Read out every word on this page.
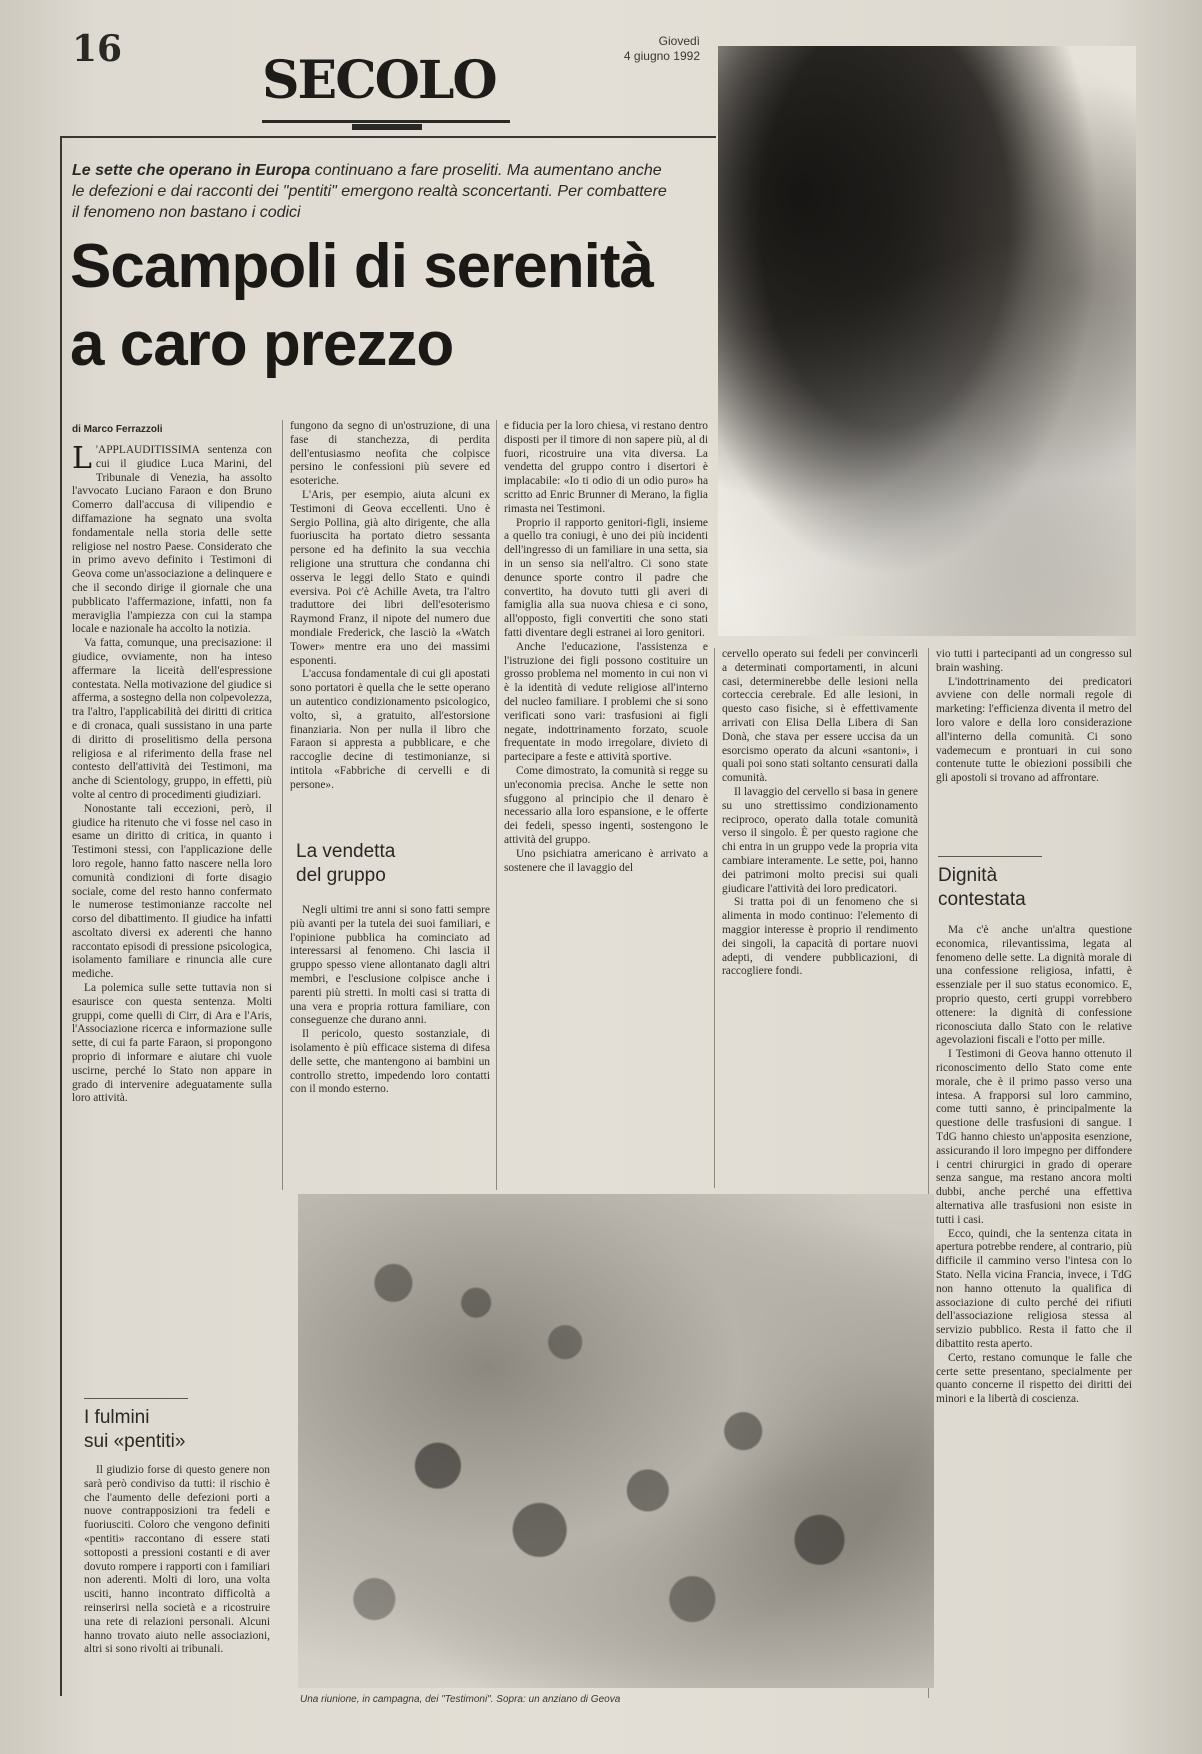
16
SECOLO
Giovedì
4 giugno 1992
Le sette che operano in Europa continuano a fare proseliti. Ma aumentano anche le defezioni e dai racconti dei "pentiti" emergono realtà sconcertanti. Per combattere il fenomeno non bastano i codici
Scampoli di serenità
a caro prezzo
di Marco Ferrazzoli

L 'APPLAUDITISSIMA sentenza con cui il giudice Luca Marini, del Tribunale di Venezia, ha assolto l'avvocato Luciano Faraon e don Bruno Comerro dall'accusa di vilipendio e diffamazione ha segnato una svolta fondamentale nella storia delle sette religiose nel nostro Paese. Considerato che in primo avevo definito i Testimoni di Geova come un'associazione a delinquere e che il secondo dirige il giornale che una pubblicato l'affermazione, infatti, non fa meraviglia l'ampiezza con cui la stampa locale e nazionale ha accolto la notizia.

Va fatta, comunque, una precisazione: il giudice, ovviamente, non ha inteso affermare la liceità dell'espressione contestata. Nella motivazione del giudice si afferma, a sostegno della non colpevolezza, tra l'altro, l'applicabilità dei diritti di critica e di cronaca, quali sussistano in una parte di diritto di proselitismo della persona religiosa e al riferimento della frase nel contesto dell'attività dei Testimoni, ma anche di Scientology, gruppo, in effetti, più volte al centro di procedimenti giudiziari.

Nonostante tali eccezioni, però, il giudice ha ritenuto che vi fosse nel caso in esame un diritto di critica, in quanto i Testimoni stessi, con l'applicazione delle loro regole, hanno fatto nascere nella loro comunità condizioni di forte disagio sociale, come del resto hanno confermato le numerose testimonianze raccolte nel corso del dibattimento. Il giudice ha infatti ascoltato diversi ex aderenti che hanno raccontato episodi di pressione psicologica, isolamento familiare e rinuncia alle cure mediche.

La polemica sulle sette tuttavia non si esaurisce con questa sentenza. Molti gruppi, come quelli di Cirr, di Ara e l'Aris, l'Associazione ricerca e informazione sulle sette, di cui fa parte Faraon, si propongono proprio di informare e aiutare chi vuole uscirne, perché lo Stato non appare in grado di intervenire adeguatamente sulla loro attività.

I fulmini
sui «pentiti»

Il giudizio forse di questo genere non sarà però condiviso da tutti: il rischio è che l'aumento delle defezioni porti a nuove contrapposizioni tra fedeli e fuoriusciti. Coloro che vengono definiti «pentiti» raccontano di essere stati sottoposti a pressioni costanti e di aver dovuto rompere i rapporti con i familiari non aderenti. Molti di loro, una volta usciti, hanno incontrato difficoltà a reinserirsi nella società e a ricostruire una rete di relazioni personali. Alcuni hanno trovato aiuto nelle associazioni, altri si sono rivolti ai tribunali.

fungono da segno di un'ostruzione, di una fase di stanchezza, di perdita dell'entusiasmo neofita che colpisce persino le confessioni più severe ed esoteriche.

L'Aris, per esempio, aiuta alcuni ex Testimoni di Geova eccellenti. Uno è Sergio Pollina, già alto dirigente, che alla fuoriuscita ha portato dietro sessanta persone ed ha definito la sua vecchia religione una struttura che condanna chi osserva le leggi dello Stato e quindi eversiva. Poi c'è Achille Aveta, tra l'altro traduttore dei libri dell'esoterismo Raymond Franz, il nipote del numero due mondiale Frederick, che lasciò la «Watch Tower» mentre era uno dei massimi esponenti.

L'accusa fondamentale di cui gli apostati sono portatori è quella che le sette operano un autentico condizionamento psicologico, volto, sì, a gratuito, all'estorsione finanziaria. Non per nulla il libro che Faraon si appresta a pubblicare, e che raccoglie decine di testimonianze, si intitola «Fabbriche di cervelli e di persone».

La vendetta
del gruppo

Negli ultimi tre anni si sono fatti sempre più avanti per la tutela dei suoi familiari, e l'opinione pubblica ha cominciato ad interessarsi al fenomeno. Chi lascia il gruppo spesso viene allontanato dagli altri membri, e l'esclusione colpisce anche i parenti più stretti. In molti casi si tratta di una vera e propria rottura familiare, con conseguenze che durano anni.

Il pericolo, questo sostanziale, di isolamento è più efficace sistema di difesa delle sette, che mantengono ai bambini un controllo stretto, impedendo loro contatti con il mondo esterno.

e fiducia per la loro chiesa, vi restano dentro disposti per il timore di non sapere più, al di fuori, ricostruire una vita diversa. La vendetta del gruppo contro i disertori è implacabile: «Io ti odio di un odio puro» ha scritto ad Enric Brunner di Merano, la figlia rimasta nei Testimoni.

Proprio il rapporto genitori-figli, insieme a quello tra coniugi, è uno dei più incidenti dell'ingresso di un familiare in una setta, sia in un senso sia nell'altro. Ci sono state denunce sporte contro il padre che convertito, ha dovuto tutti gli averi di famiglia alla sua nuova chiesa e ci sono, all'opposto, figli convertiti che sono stati fatti diventare degli estranei ai loro genitori.

Anche l'educazione, l'assistenza e l'istruzione dei figli possono costituire un grosso problema nel momento in cui non vi è la identità di vedute religiose all'interno del nucleo familiare. I problemi che si sono verificati sono vari: trasfusioni ai figli negate, indottrinamento forzato, scuole frequentate in modo irregolare, divieto di partecipare a feste e attività sportive.

Come dimostrato, la comunità si regge su un'economia precisa. Anche le sette non sfuggono al principio che il denaro è necessario alla loro espansione, e le offerte dei fedeli, spesso ingenti, sostengono le attività del gruppo.

Uno psichiatra americano è arrivato a sostenere che il lavaggio del

cervello operato sui fedeli per convincerli a determinati comportamenti, in alcuni casi, determinerebbe delle lesioni nella corteccia cerebrale. Ed alle lesioni, in questo caso fisiche, si è effettivamente arrivati con Elisa Della Libera di San Donà, che stava per essere uccisa da un esorcismo operato da alcuni «santoni», i quali poi sono stati soltanto censurati dalla comunità.

Il lavaggio del cervello si basa in genere su uno strettissimo condizionamento reciproco, operato dalla totale comunità verso il singolo. È per questo ragione che chi entra in un gruppo vede la propria vita cambiare interamente. Le sette, poi, hanno dei patrimoni molto precisi sui quali giudicare l'attività dei loro predicatori.

Si tratta poi di un fenomeno che si alimenta in modo continuo: l'elemento di maggior interesse è proprio il rendimento dei singoli, la capacità di portare nuovi adepti, di vendere pubblicazioni, di raccogliere fondi.

vio tutti i partecipanti ad un congresso sul brain washing.

L'indottrinamento dei predicatori avviene con delle normali regole di marketing: l'efficienza diventa il metro del loro valore e della loro considerazione all'interno della comunità. Ci sono vademecum e prontuari in cui sono contenute tutte le obiezioni possibili che gli apostoli si trovano ad affrontare.

Dignità
contestata

Ma c'è anche un'altra questione economica, rilevantissima, legata al fenomeno delle sette. La dignità morale di una confessione religiosa, infatti, è essenziale per il suo status economico. E, proprio questo, certi gruppi vorrebbero ottenere: la dignità di confessione riconosciuta dallo Stato con le relative agevolazioni fiscali e l'otto per mille.

I Testimoni di Geova hanno ottenuto il riconoscimento dello Stato come ente morale, che è il primo passo verso una intesa. A frapporsi sul loro cammino, come tutti sanno, è principalmente la questione delle trasfusioni di sangue. I TdG hanno chiesto un'apposita esenzione, assicurando il loro impegno per diffondere i centri chirurgici in grado di operare senza sangue, ma restano ancora molti dubbi, anche perché una effettiva alternativa alle trasfusioni non esiste in tutti i casi.

Ecco, quindi, che la sentenza citata in apertura potrebbe rendere, al contrario, più difficile il cammino verso l'intesa con lo Stato. Nella vicina Francia, invece, i TdG non hanno ottenuto la qualifica di associazione di culto perché dei rifiuti dell'associazione religiosa stessa al servizio pubblico. Resta il fatto che il dibattito resta aperto.

Certo, restano comunque le falle che certe sette presentano, specialmente per quanto concerne il rispetto dei diritti dei minori e la libertà di coscienza.

Una riunione, in campagna, dei "Testimoni". Sopra: un anziano di Geova
